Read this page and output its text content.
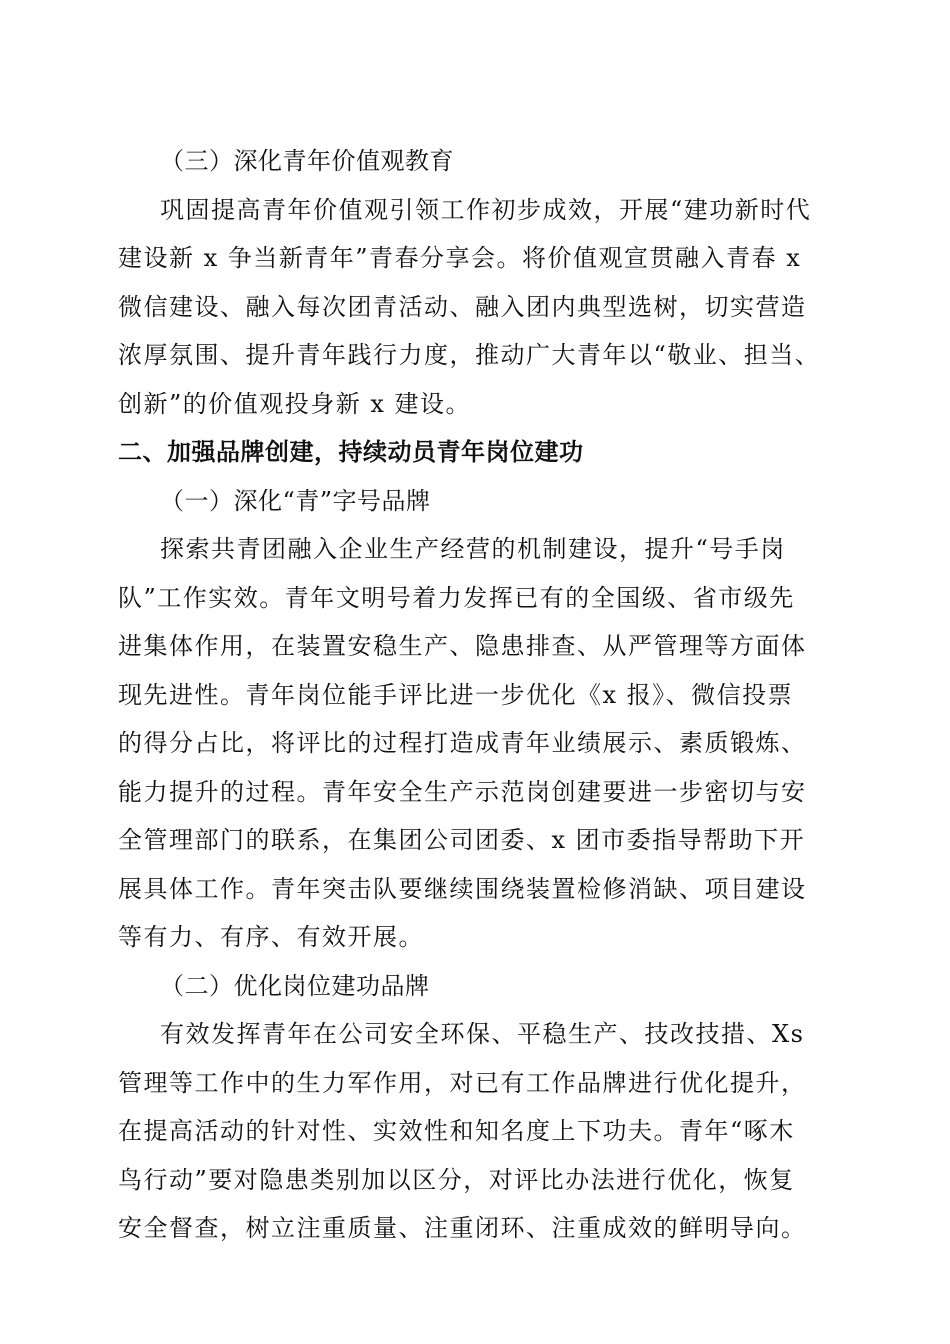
（三）深化青年价值观教育
巩固提高青年价值观引领工作初步成效，开展“建功新时代
建设新 x 争当新青年”青春分享会。将价值观宣贯融入青春 x
微信建设、融入每次团青活动、融入团内典型选树，切实营造
浓厚氛围、提升青年践行力度，推动广大青年以“敬业、担当、
创新”的价值观投身新 x 建设。
二、加强品牌创建，持续动员青年岗位建功
（一）深化“青”字号品牌
探索共青团融入企业生产经营的机制建设，提升“号手岗
队”工作实效。青年文明号着力发挥已有的全国级、省市级先
进集体作用，在装置安稳生产、隐患排查、从严管理等方面体
现先进性。青年岗位能手评比进一步优化《x 报》、微信投票
的得分占比，将评比的过程打造成青年业绩展示、素质锻炼、
能力提升的过程。青年安全生产示范岗创建要进一步密切与安
全管理部门的联系，在集团公司团委、x 团市委指导帮助下开
展具体工作。青年突击队要继续围绕装置检修消缺、项目建设
等有力、有序、有效开展。
（二）优化岗位建功品牌
有效发挥青年在公司安全环保、平稳生产、技改技措、Xs
管理等工作中的生力军作用，对已有工作品牌进行优化提升，
在提高活动的针对性、实效性和知名度上下功夫。青年“啄木
鸟行动”要对隐患类别加以区分，对评比办法进行优化，恢复
安全督查，树立注重质量、注重闭环、注重成效的鲜明导向。
